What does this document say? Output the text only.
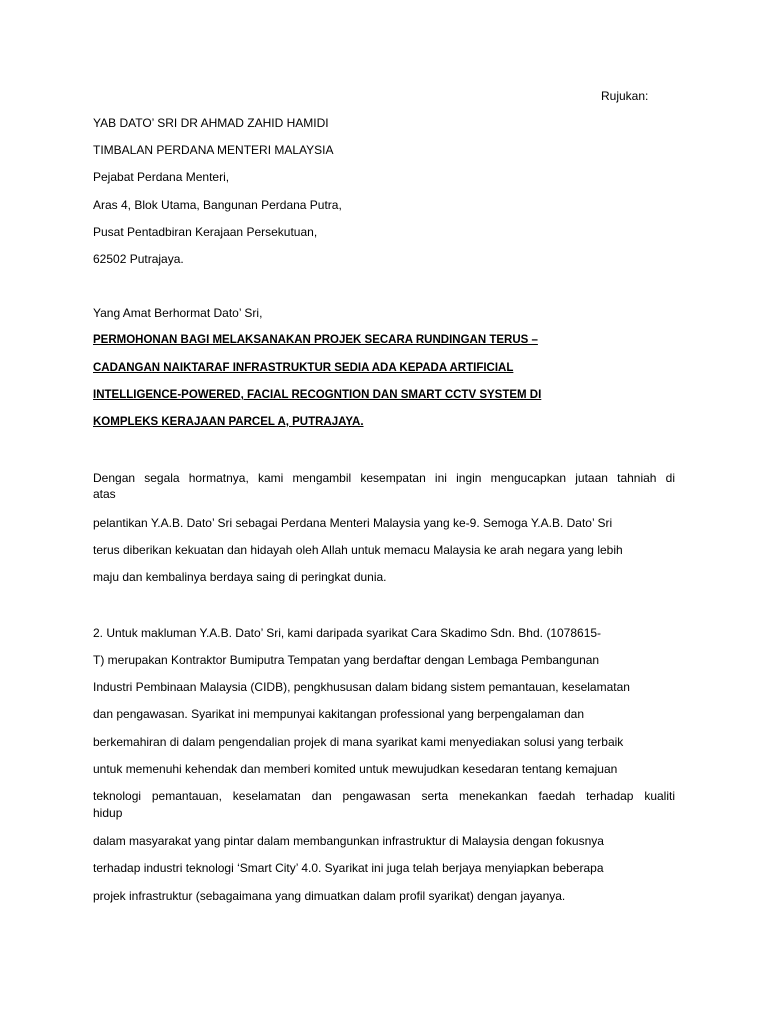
Rujukan:
YAB DATO’ SRI DR AHMAD ZAHID HAMIDI
TIMBALAN PERDANA MENTERI MALAYSIA
Pejabat Perdana Menteri,
Aras 4, Blok Utama, Bangunan Perdana Putra,
Pusat Pentadbiran Kerajaan Persekutuan,
62502 Putrajaya.
Yang Amat Berhormat Dato’ Sri,
PERMOHONAN BAGI MELAKSANAKAN PROJEK SECARA RUNDINGAN TERUS –
CADANGAN NAIKTARAF INFRASTRUKTUR SEDIA ADA KEPADA ARTIFICIAL
INTELLIGENCE-POWERED, FACIAL RECOGNTION DAN SMART CCTV SYSTEM DI
KOMPLEKS KERAJAAN PARCEL A, PUTRAJAYA.
Dengan segala hormatnya, kami mengambil kesempatan ini ingin mengucapkan jutaan tahniah di
atas
pelantikan Y.A.B. Dato’ Sri sebagai Perdana Menteri Malaysia yang ke-9. Semoga Y.A.B. Dato’ Sri
terus diberikan kekuatan dan hidayah oleh Allah untuk memacu Malaysia ke arah negara yang lebih
maju dan kembalinya berdaya saing di peringkat dunia.
2. Untuk makluman Y.A.B. Dato’ Sri, kami daripada syarikat Cara Skadimo Sdn. Bhd. (1078615-
T) merupakan Kontraktor Bumiputra Tempatan yang berdaftar dengan Lembaga Pembangunan
Industri Pembinaan Malaysia (CIDB), pengkhususan dalam bidang sistem pemantauan, keselamatan
dan pengawasan. Syarikat ini mempunyai kakitangan professional yang berpengalaman dan
berkemahiran di dalam pengendalian projek di mana syarikat kami menyediakan solusi yang terbaik
untuk memenuhi kehendak dan memberi komited untuk mewujudkan kesedaran tentang kemajuan
teknologi pemantauan, keselamatan dan pengawasan serta menekankan faedah terhadap kualiti
hidup
dalam masyarakat yang pintar dalam membangunkan infrastruktur di Malaysia dengan fokusnya
terhadap industri teknologi ‘Smart City’ 4.0. Syarikat ini juga telah berjaya menyiapkan beberapa
projek infrastruktur (sebagaimana yang dimuatkan dalam profil syarikat) dengan jayanya.
